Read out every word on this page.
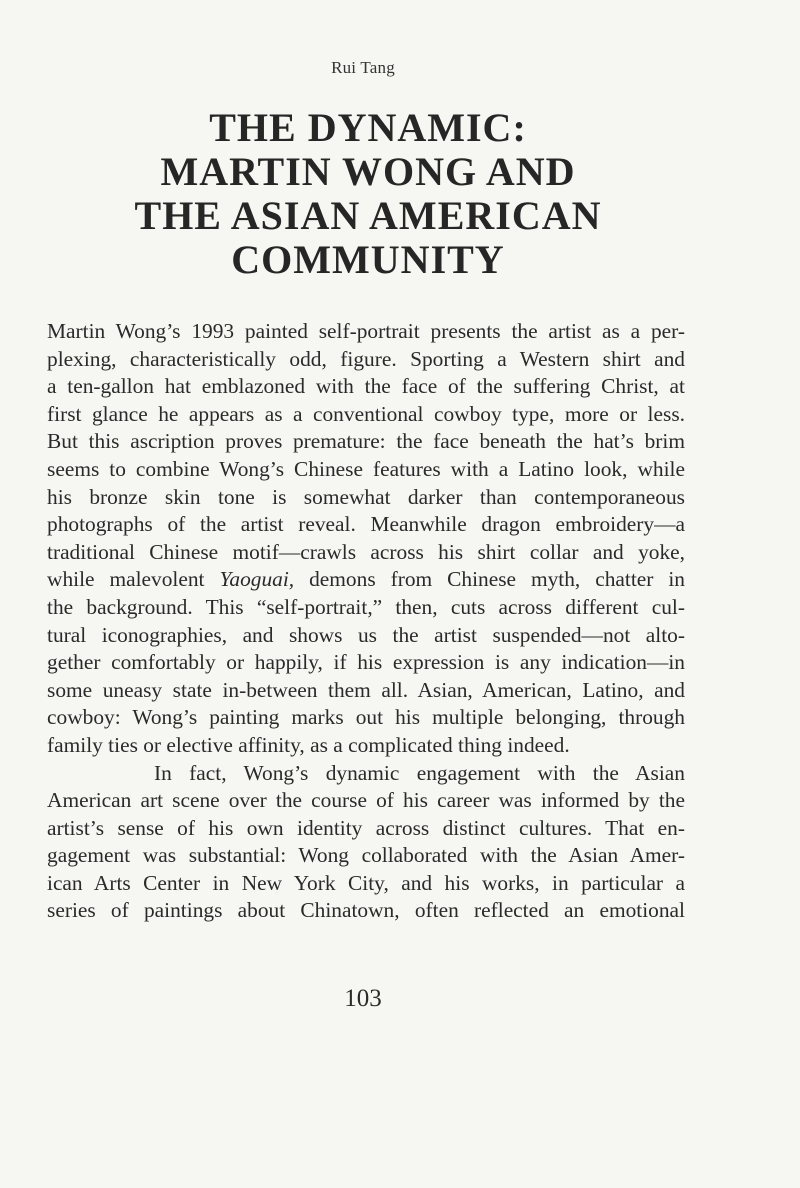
Rui Tang
THE DYNAMIC:
MARTIN WONG AND
THE ASIAN AMERICAN
COMMUNITY
Martin Wong’s 1993 painted self-portrait presents the artist as a per-
plexing, characteristically odd, figure. Sporting a Western shirt and
a ten-gallon hat emblazoned with the face of the suffering Christ, at
first glance he appears as a conventional cowboy type, more or less.
But this ascription proves premature: the face beneath the hat’s brim
seems to combine Wong’s Chinese features with a Latino look, while
his bronze skin tone is somewhat darker than contemporaneous
photographs of the artist reveal. Meanwhile dragon embroidery—a
traditional Chinese motif—crawls across his shirt collar and yoke,
while malevolent Yaoguai, demons from Chinese myth, chatter in
the background. This “self-portrait,” then, cuts across different cul-
tural iconographies, and shows us the artist suspended—not alto-
gether comfortably or happily, if his expression is any indication—in
some uneasy state in-between them all. Asian, American, Latino, and
cowboy: Wong’s painting marks out his multiple belonging, through
family ties or elective affinity, as a complicated thing indeed.
In fact, Wong’s dynamic engagement with the Asian
American art scene over the course of his career was informed by the
artist’s sense of his own identity across distinct cultures. That en-
gagement was substantial: Wong collaborated with the Asian Amer-
ican Arts Center in New York City, and his works, in particular a
series of paintings about Chinatown, often reflected an emotional
103
